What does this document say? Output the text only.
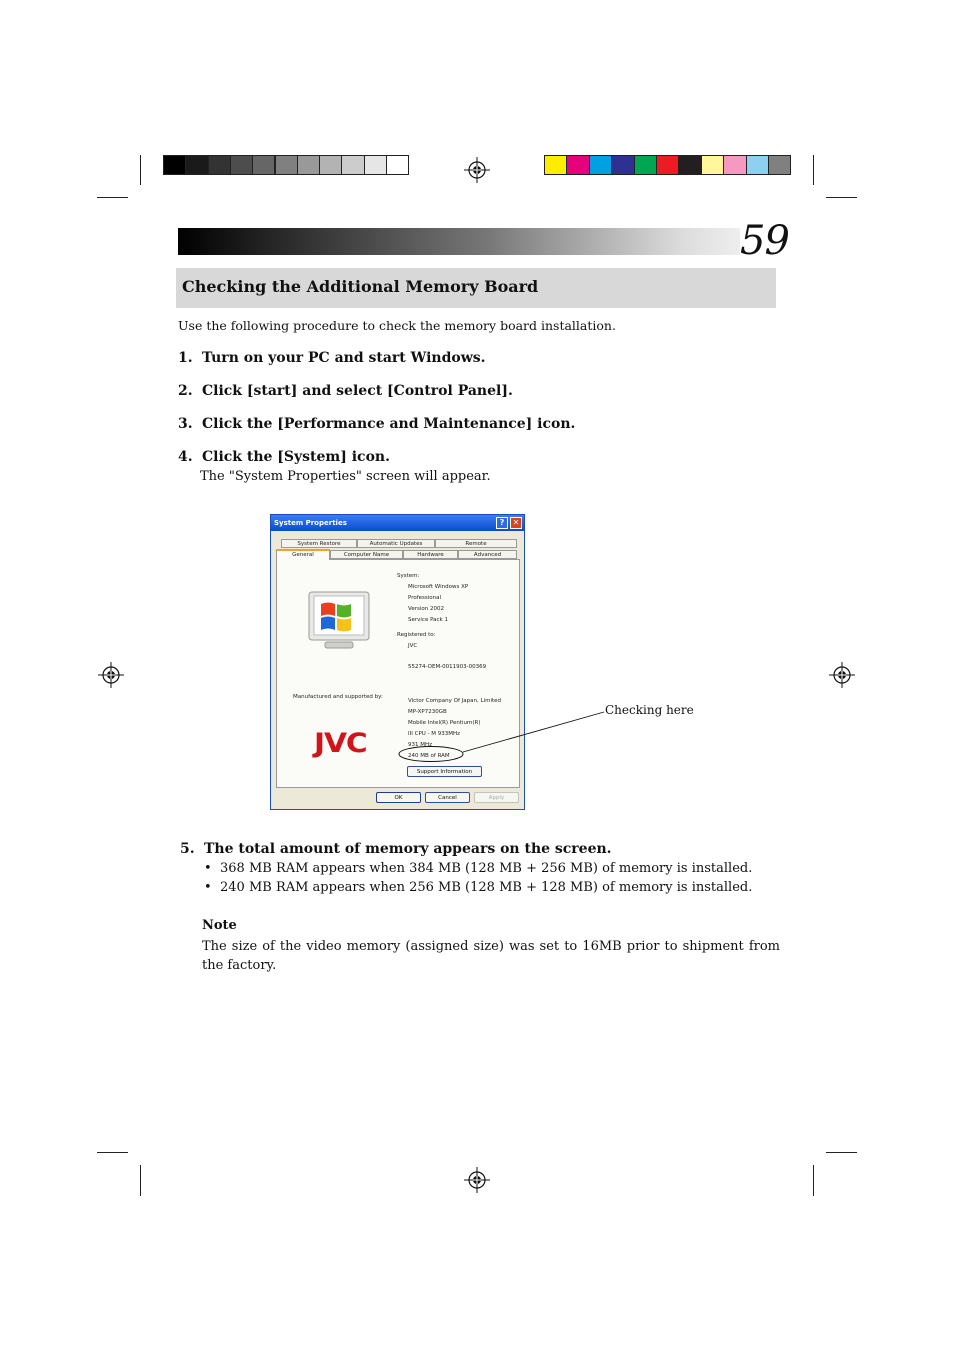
59
Checking the Additional Memory Board
Use the following procedure to check the memory board installation.
1. Turn on your PC and start Windows.
2. Click [start] and select [Control Panel].
3. Click the [Performance and Maintenance] icon.
4. Click the [System] icon.
The "System Properties" screen will appear.
System Properties	?	✕
System Restore	Automatic Updates	Remote
General	Computer Name	Hardware	Advanced
System:
Microsoft Windows XP
Professional
Version 2002
Service Pack 1
Registered to:
JVC
55274-OEM-0011903-00369
Manufactured and supported by:
Victor Company Of Japan, Limited
MP-XP7230GB
Mobile Intel(R) Pentium(R)
III CPU - M 933MHz
931 MHz
240 MB of RAM
JVC
Support Information
OK	Cancel	Apply
Checking here
5. The total amount of memory appears on the screen.
• 368 MB RAM appears when 384 MB (128 MB + 256 MB) of memory is installed.
• 240 MB RAM appears when 256 MB (128 MB + 128 MB) of memory is installed.
Note
The size of the video memory (assigned size) was set to 16MB prior to shipment from the factory.
